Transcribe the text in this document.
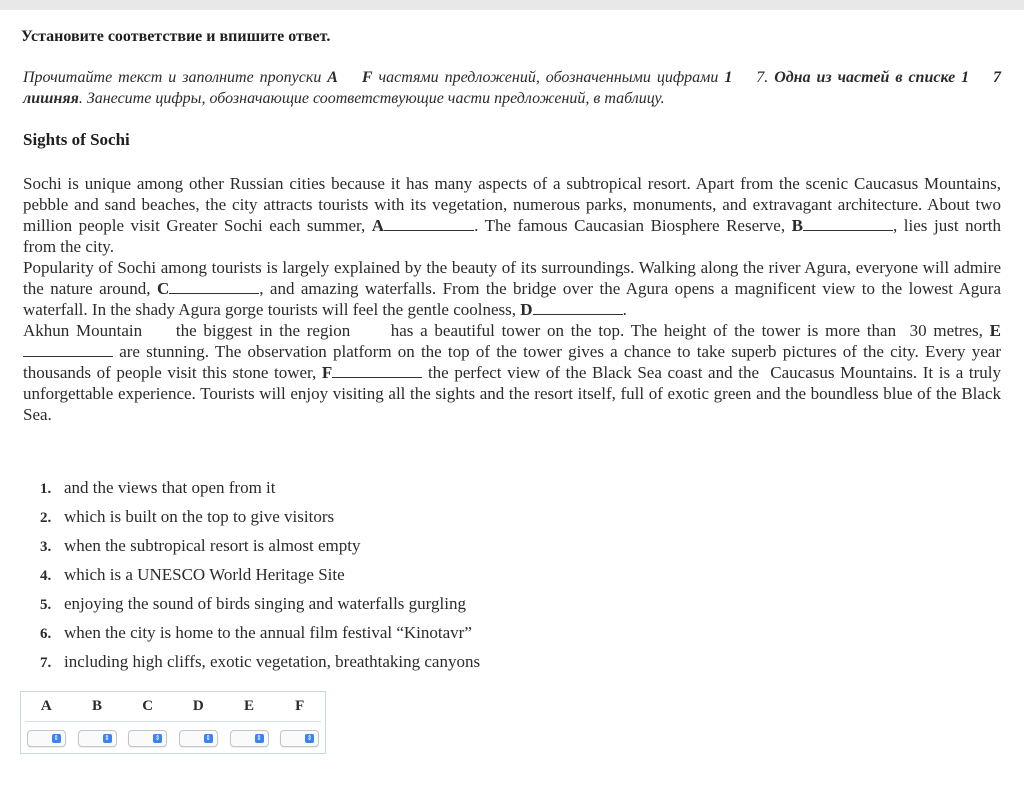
Установите соответствие и впишите ответ.
Прочитайте текст и заполните пропуски A F частями предложений, обозначенными цифрами 1    7. Одна из частей в списке 1    7 лишняя. Занесите цифры, обозначающие соответствующие части предложений, в таблицу.
Sights of Sochi

Sochi is unique among other Russian cities because it has many aspects of a subtropical resort. Apart from the scenic Caucasus Mountains, pebble and sand beaches, the city attracts tourists with its vegetation, numerous parks, monuments, and extravagant architecture. About two million people visit Greater Sochi each summer, A	. The famous Caucasian Biosphere Reserve, B	, lies just north from the city.

Popularity of Sochi among tourists is largely explained by the beauty of its surroundings. Walking along the river Agura, everyone will admire the nature around, C	, and amazing waterfalls. From the bridge over the Agura opens a magnificent view to the lowest Agura waterfall. In the shady Agura gorge tourists will feel the gentle coolness, D	.

Akhun Mountain     the biggest in the region      has a beautiful tower on the top. The height of the tower is more than  30 metres, E are stunning. The observation platform on the top of the tower gives a chance to take superb pictures of the city. Every year thousands of people visit this stone tower, F	the perfect view of the Black Sea coast and the  Caucasus Mountains. It is a truly unforgettable experience. Tourists will enjoy visiting all the sights and the resort itself, full of exotic green and the boundless blue of the Black Sea.

1. and the views that open from it
2. which is built on the top to give visitors
3. when the subtropical resort is almost empty
4. which is a UNESCO World Heritage Site
5. enjoying the sound of birds singing and waterfalls gurgling
6. when the city is home to the annual film festival “Kinotavr”
7. including high cliffs, exotic vegetation, breathtaking canyons
A	B	C	D	E	F
⇕	⇕	⇕	⇕	⇕	⇕
